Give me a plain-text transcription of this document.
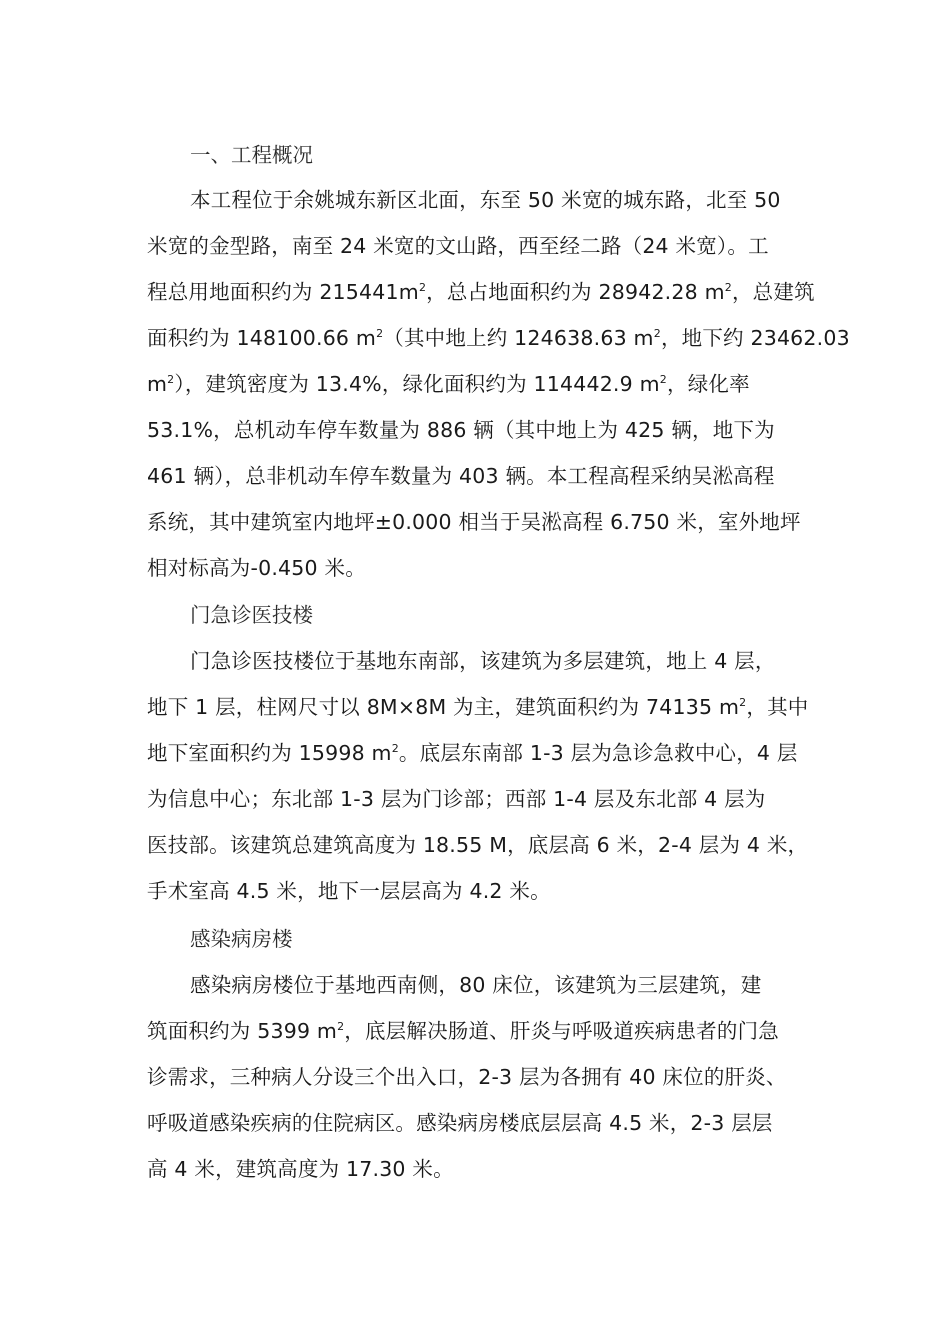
一、工程概况
本工程位于余姚城东新区北面，东至 50 米宽的城东路，北至 50
米宽的金型路，南至 24 米宽的文山路，西至经二路（24 米宽）。工
程总用地面积约为 $215441m^2$，总占地面积约为 28942.28 $m^2$，总建筑
面积约为 148100.66 $m^2$（其中地上约 124638.63 $m^2$，地下约 23462.03
$m^2$），建筑密度为 13.4%，绿化面积约为 114442.9 $m^2$，绿化率
53.1%，总机动车停车数量为 886 辆（其中地上为 425 辆，地下为
461 辆），总非机动车停车数量为 403 辆。本工程高程采纳吴淞高程
系统，其中建筑室内地坪±0.000 相当于吴淞高程 6.750 米，室外地坪
相对标高为-0.450 米。
门急诊医技楼
门急诊医技楼位于基地东南部，该建筑为多层建筑，地上 4 层，
地下 1 层，柱网尺寸以 8M×8M 为主，建筑面积约为 74135 $m^2$，其中
地下室面积约为 15998 $m^2$。底层东南部 1-3 层为急诊急救中心，4 层
为信息中心；东北部 1-3 层为门诊部；西部 1-4 层及东北部 4 层为
医技部。该建筑总建筑高度为 18.55 M，底层高 6 米，2-4 层为 4 米，
手术室高 4.5 米，地下一层层高为 4.2 米。
感染病房楼
感染病房楼位于基地西南侧，80 床位，该建筑为三层建筑，建
筑面积约为 5399 $m^2$，底层解决肠道、肝炎与呼吸道疾病患者的门急
诊需求，三种病人分设三个出入口，2-3 层为各拥有 40 床位的肝炎、
呼吸道感染疾病的住院病区。感染病房楼底层层高 4.5 米，2-3 层层
高 4 米，建筑高度为 17.30 米。
